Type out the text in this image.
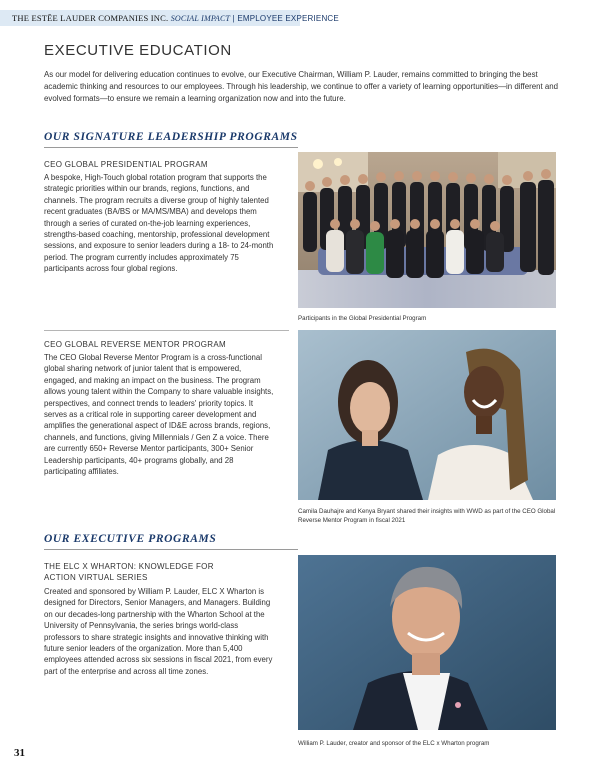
THE ESTĒE LAUDER COMPANIES INC. SOCIAL IMPACT | EMPLOYEE EXPERIENCE
EXECUTIVE EDUCATION

As our model for delivering education continues to evolve, our Executive Chairman, William P. Lauder, remains committed to bringing the best academic thinking and resources to our employees. Through his leadership, we continue to offer a variety of learning opportunities—in different and evolved formats—to ensure we remain a learning organization now and into the future.

OUR SIGNATURE LEADERSHIP PROGRAMS
CEO GLOBAL PRESIDENTIAL PROGRAM

A bespoke, High-Touch global rotation program that supports the strategic priorities within our brands, regions, functions, and channels. The program recruits a diverse group of highly talented recent graduates (BA/BS or MA/MS/MBA) and develops them through a series of curated on-the-job learning experiences, strengths-based coaching, mentorship, professional development sessions, and exposure to senior leaders during a 18- to 24-month period. The program currently includes approximately 75 participants across four global regions.

Participants in the Global Presidential Program
CEO GLOBAL REVERSE MENTOR PROGRAM

The CEO Global Reverse Mentor Program is a cross-functional global sharing network of junior talent that is empowered, engaged, and making an impact on the business. The program allows young talent within the Company to share valuable insights, perspectives, and connect trends to leaders' priority topics. It serves as a critical role in supporting career development and amplifies the generational aspect of ID&E across brands, regions, channels, and functions, giving Millennials / Gen Z a voice. There are currently 650+ Reverse Mentor participants, 300+ Senior Leadership participants, 40+ programs globally, and 28 participating affiliates.

Camila Dauhajre and Kenya Bryant shared their insights with WWD as part of the CEO Global Reverse Mentor Program in fiscal 2021
OUR EXECUTIVE PROGRAMS
THE ELC X WHARTON: KNOWLEDGE FOR
ACTION VIRTUAL SERIES

Created and sponsored by William P. Lauder, ELC X Wharton is designed for Directors, Senior Managers, and Managers. Building on our decades-long partnership with the Wharton School at the University of Pennsylvania, the series brings world-class professors to share strategic insights and innovative thinking with future senior leaders of the organization. More than 5,400 employees attended across six sessions in fiscal 2021, from every part of the enterprise and across all time zones.

William P. Lauder, creator and sponsor of the ELC x Wharton program
31
